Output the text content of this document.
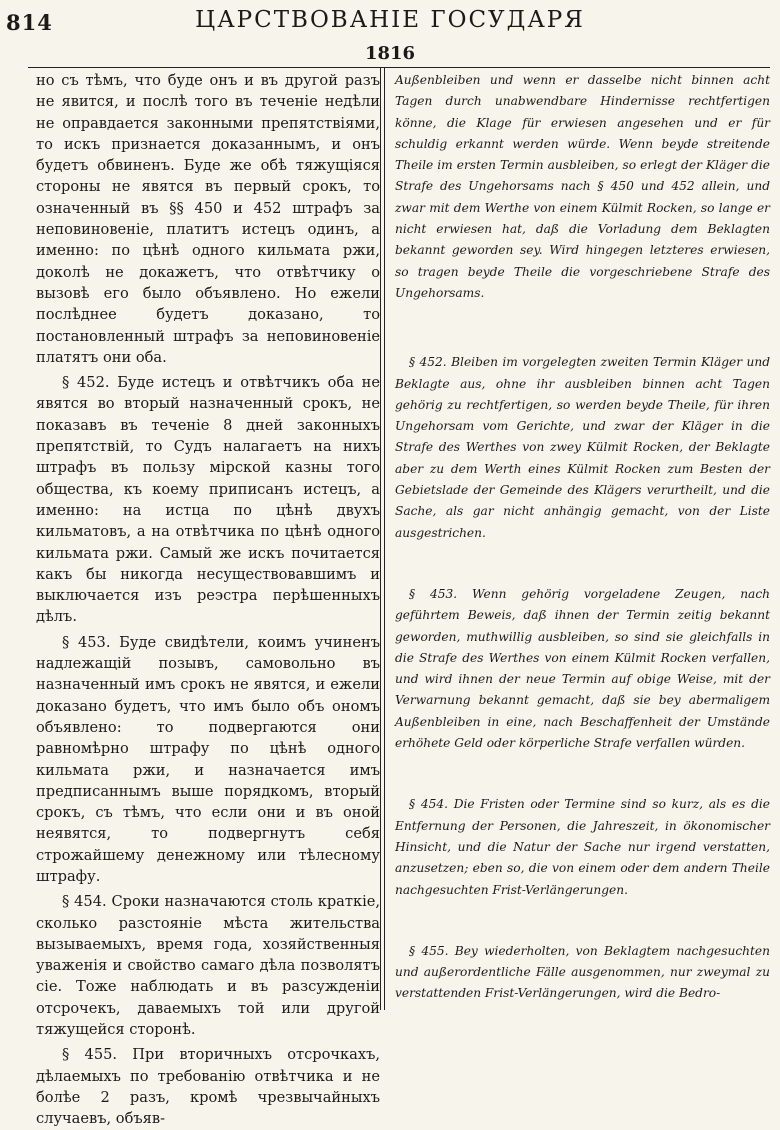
814	ЦАРСТВОВАНІЕ ГОСУДАРЯ
1816

но съ тѣмъ, что буде онъ и въ другой разъ не явится, и послѣ того въ теченіе недѣли не оправдается законными препятствіями, то искъ признается доказаннымъ, и онъ будетъ обвиненъ. Буде же обѣ тяжущіяся стороны не явятся въ первый срокъ, то означенный въ §§ 450 и 452 штрафъ за неповиновеніе, платитъ истецъ одинъ, а именно: по цѣнѣ одного кильмата ржи, доколѣ не докажетъ, что отвѣтчику о вызовѣ его было объявлено. Но ежели послѣднее будетъ доказано, то постановленный штрафъ за неповиновеніе платятъ они оба.

§ 452. Буде истецъ и отвѣтчикъ оба не явятся во вторый назначенный срокъ, не показавъ въ теченіе 8 дней законныхъ препятствій, то Судъ налагаетъ на нихъ штрафъ въ пользу мірской казны того общества, къ коему приписанъ истецъ, а именно: на истца по цѣнѣ двухъ кильматовъ, а на отвѣтчика по цѣнѣ одного кильмата ржи. Самый же искъ почитается какъ бы никогда несуществовавшимъ и выключается изъ реэстра перѣшенныхъ дѣлъ.

§ 453. Буде свидѣтели, коимъ учиненъ надлежащій позывъ, самовольно въ назначенный имъ срокъ не явятся, и ежели доказано будетъ, что имъ было объ ономъ объявлено: то подвергаются они равномѣрно штрафу по цѣнѣ одного кильмата ржи, и назначается имъ предписаннымъ выше порядкомъ, вторый срокъ, съ тѣмъ, что если они и въ оной неявятся, то подвергнутъ себя строжайшему денежному или тѣлесному штрафу.

§ 454. Сроки назначаются столь краткіе, сколько разстояніе мѣста жительства вызываемыхъ, время года, хозяйственныя уваженія и свойство самаго дѣла позволятъ сіе. Тоже наблюдать и въ разсужденіи отсрочекъ, даваемыхъ той или другой тяжущейся сторонѣ.

§ 455. При вторичныхъ отсрочкахъ, дѣлаемыхъ по требованію отвѣтчика и не болѣе 2 разъ, кромѣ чрезвычайныхъ случаевъ, объяв-

Außenbleiben und wenn er dasselbe nicht binnen acht Tagen durch unabwendbare Hindernisse rechtfertigen könne, die Klage für erwiesen angesehen und er für schuldig erkannt werden würde. Wenn beyde streitende Theile im ersten Termin ausbleiben, so erlegt der Kläger die Strafe des Ungehorsams nach § 450 und 452 allein, und zwar mit dem Werthe von einem Külmit Rocken, so lange er nicht erwiesen hat, daß die Vorladung dem Beklagten bekannt geworden sey. Wird hingegen letzteres erwiesen, so tragen beyde Theile die vorgeschriebene Strafe des Ungehorsams.

§ 452. Bleiben im vorgelegten zweiten Termin Kläger und Beklagte aus, ohne ihr ausbleiben binnen acht Tagen gehörig zu rechtfertigen, so werden beyde Theile, für ihren Ungehorsam vom Gerichte, und zwar der Kläger in die Strafe des Werthes von zwey Külmit Rocken, der Beklagte aber zu dem Werth eines Külmit Rocken zum Besten der Gebietslade der Gemeinde des Klägers verurtheilt, und die Sache, als gar nicht anhängig gemacht, von der Liste ausgestrichen.

§ 453. Wenn gehörig vorgeladene Zeugen, nach geführtem Beweis, daß ihnen der Termin zeitig bekannt geworden, muthwillig ausbleiben, so sind sie gleichfalls in die Strafe des Werthes von einem Külmit Rocken verfallen, und wird ihnen der neue Termin auf obige Weise, mit der Verwarnung bekannt gemacht, daß sie bey abermaligem Außenbleiben in eine, nach Beschaffenheit der Umstände erhöhete Geld oder körperliche Strafe verfallen würden.

§ 454. Die Fristen oder Termine sind so kurz, als es die Entfernung der Personen, die Jahreszeit, in ökonomischer Hinsicht, und die Natur der Sache nur irgend verstatten, anzusetzen; eben so, die von einem oder dem andern Theile nachgesuchten Frist-Verlängerungen.

§ 455. Bey wiederholten, von Beklagtem nachgesuchten und außerordentliche Fälle ausgenommen, nur zweymal zu verstattenden Frist-Verlängerungen, wird die Bedro-
